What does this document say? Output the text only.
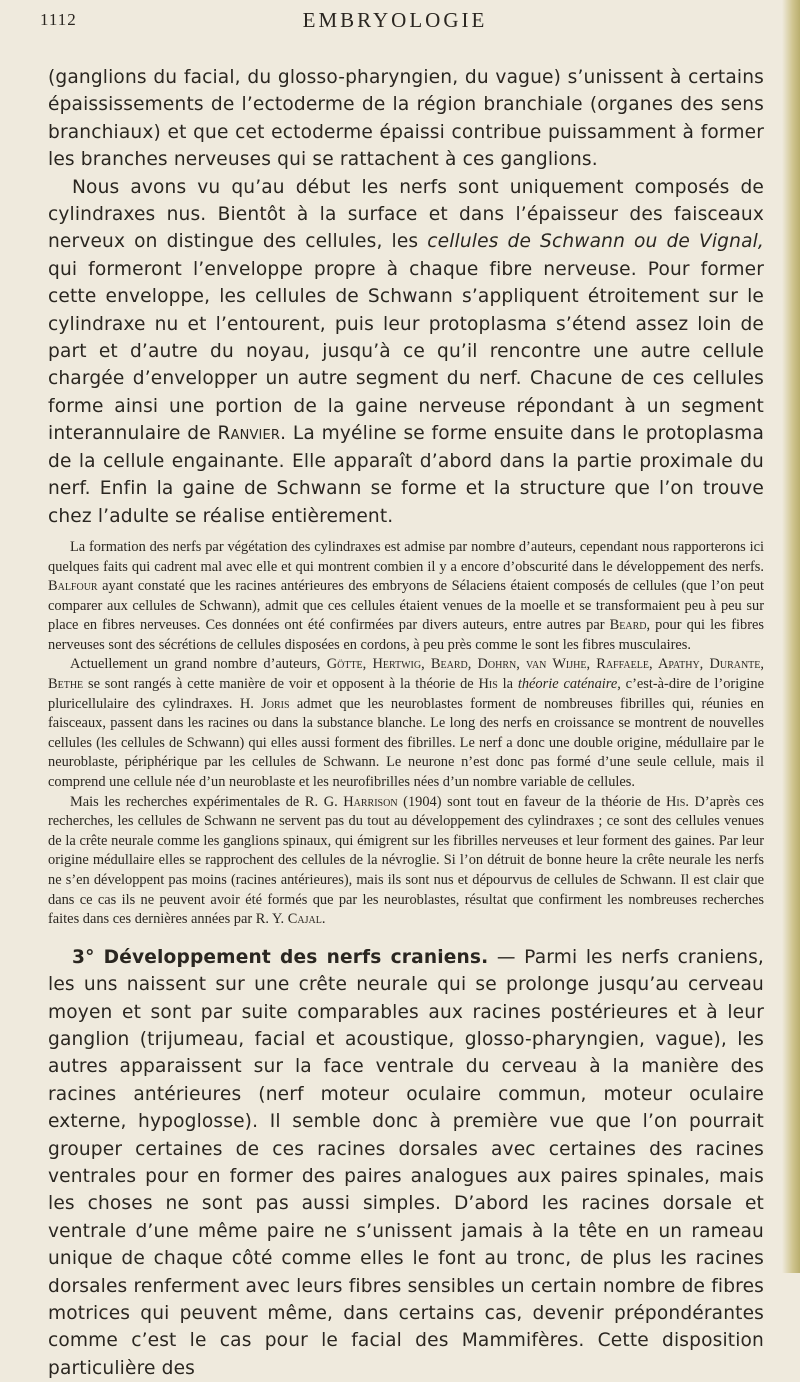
1112	EMBRYOLOGIE

(ganglions du facial, du glosso-pharyngien, du vague) s’unissent à certains épaississements de l’ectoderme de la région branchiale (organes des sens branchiaux) et que cet ectoderme épaissi contribue puissamment à former les branches nerveuses qui se rattachent à ces ganglions.

Nous avons vu qu’au début les nerfs sont uniquement composés de cylindraxes nus. Bientôt à la surface et dans l’épaisseur des faisceaux nerveux on distingue des cellules, les cellules de Schwann ou de Vignal, qui formeront l’enveloppe propre à chaque fibre nerveuse. Pour former cette enveloppe, les cellules de Schwann s’appliquent étroitement sur le cylindraxe nu et l’entourent, puis leur protoplasma s’étend assez loin de part et d’autre du noyau, jusqu’à ce qu’il rencontre une autre cellule chargée d’envelopper un autre segment du nerf. Chacune de ces cellules forme ainsi une portion de la gaine nerveuse répondant à un segment interannulaire de Ranvier. La myéline se forme ensuite dans le protoplasma de la cellule engainante. Elle apparaît d’abord dans la partie proximale du nerf. Enfin la gaine de Schwann se forme et la structure que l’on trouve chez l’adulte se réalise entièrement.

La formation des nerfs par végétation des cylindraxes est admise par nombre d’auteurs, cependant nous rapporterons ici quelques faits qui cadrent mal avec elle et qui montrent combien il y a encore d’obscurité dans le développement des nerfs. Balfour ayant constaté que les racines antérieures des embryons de Sélaciens étaient composés de cellules (que l’on peut comparer aux cellules de Schwann), admit que ces cellules étaient venues de la moelle et se transformaient peu à peu sur place en fibres nerveuses. Ces données ont été confirmées par divers auteurs, entre autres par Beard, pour qui les fibres nerveuses sont des sécrétions de cellules disposées en cordons, à peu près comme le sont les fibres musculaires.

Actuellement un grand nombre d’auteurs, Götte, Hertwig, Beard, Dohrn, van Wijhe, Raffaele, Apathy, Durante, Bethe se sont rangés à cette manière de voir et opposent à la théorie de His la théorie caténaire, c’est-à-dire de l’origine pluricellulaire des cylindraxes. H. Joris admet que les neuroblastes forment de nombreuses fibrilles qui, réunies en faisceaux, passent dans les racines ou dans la substance blanche. Le long des nerfs en croissance se montrent de nouvelles cellules (les cellules de Schwann) qui elles aussi forment des fibrilles. Le nerf a donc une double origine, médullaire par le neuroblaste, périphérique par les cellules de Schwann. Le neurone n’est donc pas formé d’une seule cellule, mais il comprend une cellule née d’un neuroblaste et les neurofibrilles nées d’un nombre variable de cellules.

Mais les recherches expérimentales de R. G. Harrison (1904) sont tout en faveur de la théorie de His. D’après ces recherches, les cellules de Schwann ne servent pas du tout au développement des cylindraxes ; ce sont des cellules venues de la crête neurale comme les ganglions spinaux, qui émigrent sur les fibrilles nerveuses et leur forment des gaines. Par leur origine médullaire elles se rapprochent des cellules de la névroglie. Si l’on détruit de bonne heure la crête neurale les nerfs ne s’en développent pas moins (racines antérieures), mais ils sont nus et dépourvus de cellules de Schwann. Il est clair que dans ce cas ils ne peuvent avoir été formés que par les neuroblastes, résultat que confirment les nombreuses recherches faites dans ces dernières années par R. Y. Cajal.

3° Développement des nerfs craniens. — Parmi les nerfs craniens, les uns naissent sur une crête neurale qui se prolonge jusqu’au cerveau moyen et sont par suite comparables aux racines postérieures et à leur ganglion (trijumeau, facial et acoustique, glosso-pharyngien, vague), les autres apparaissent sur la face ventrale du cerveau à la manière des racines antérieures (nerf moteur oculaire commun, moteur oculaire externe, hypoglosse). Il semble donc à première vue que l’on pourrait grouper certaines de ces racines dorsales avec certaines des racines ventrales pour en former des paires analogues aux paires spinales, mais les choses ne sont pas aussi simples. D’abord les racines dorsale et ventrale d’une même paire ne s’unissent jamais à la tête en un rameau unique de chaque côté comme elles le font au tronc, de plus les racines dorsales renferment avec leurs fibres sensibles un certain nombre de fibres motrices qui peuvent même, dans certains cas, devenir prépondérantes comme c’est le cas pour le facial des Mammifères. Cette disposition particulière des
